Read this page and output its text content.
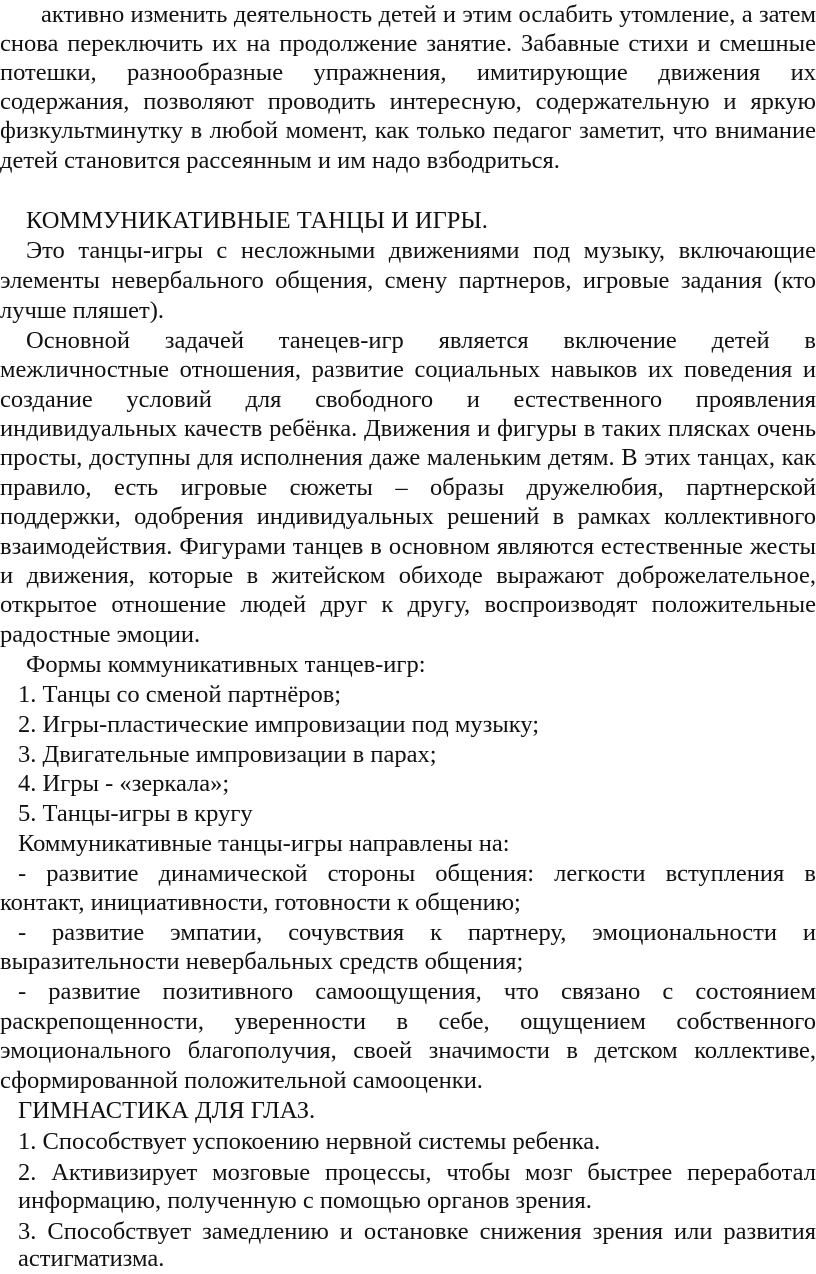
активно изменить деятельность детей и этим ослабить утомление, а затем
снова переключить их на продолжение занятие. Забавные стихи и смешные
потешки, разнообразные упражнения, имитирующие движения их
содержания, позволяют проводить интересную, содержательную и яркую
физкультминутку в любой момент, как только педагог заметит, что внимание
детей становится рассеянным и им надо взбодриться.
КОММУНИКАТИВНЫЕ ТАНЦЫ И ИГРЫ.
Это танцы-игры с несложными движениями под музыку, включающие
элементы невербального общения, смену партнеров, игровые задания (кто
лучше пляшет).
Основной задачей танецев-игр является включение детей в
межличностные отношения, развитие социальных навыков их поведения и
создание условий для свободного и естественного проявления
индивидуальных качеств ребёнка. Движения и фигуры в таких плясках очень
просты, доступны для исполнения даже маленьким детям. В этих танцах, как
правило, есть игровые сюжеты – образы дружелюбия, партнерской
поддержки, одобрения индивидуальных решений в рамках коллективного
взаимодействия. Фигурами танцев в основном являются естественные жесты
и движения, которые в житейском обиходе выражают доброжелательное,
открытое отношение людей друг к другу, воспроизводят положительные
радостные эмоции.
Формы коммуникативных танцев-игр:
1. Танцы со сменой партнёров;
2. Игры-пластические импровизации под музыку;
3. Двигательные импровизации в парах;
4. Игры - «зеркала»;
5. Танцы-игры в кругу
Коммуникативные танцы-игры направлены на:
- развитие динамической стороны общения: легкости вступления в
контакт, инициативности, готовности к общению;
- развитие эмпатии, сочувствия к партнеру, эмоциональности и
выразительности невербальных средств общения;
- развитие позитивного самоощущения, что связано с состоянием
раскрепощенности, уверенности в себе, ощущением собственного
эмоционального благополучия, своей значимости в детском коллективе,
сформированной положительной самооценки.
ГИМНАСТИКА ДЛЯ ГЛАЗ.
1. Способствует успокоению нервной системы ребенка.
2. Активизирует мозговые процессы, чтобы мозг быстрее переработал
информацию, полученную с помощью органов зрения.
3. Способствует замедлению и остановке снижения зрения или развития
астигматизма.
